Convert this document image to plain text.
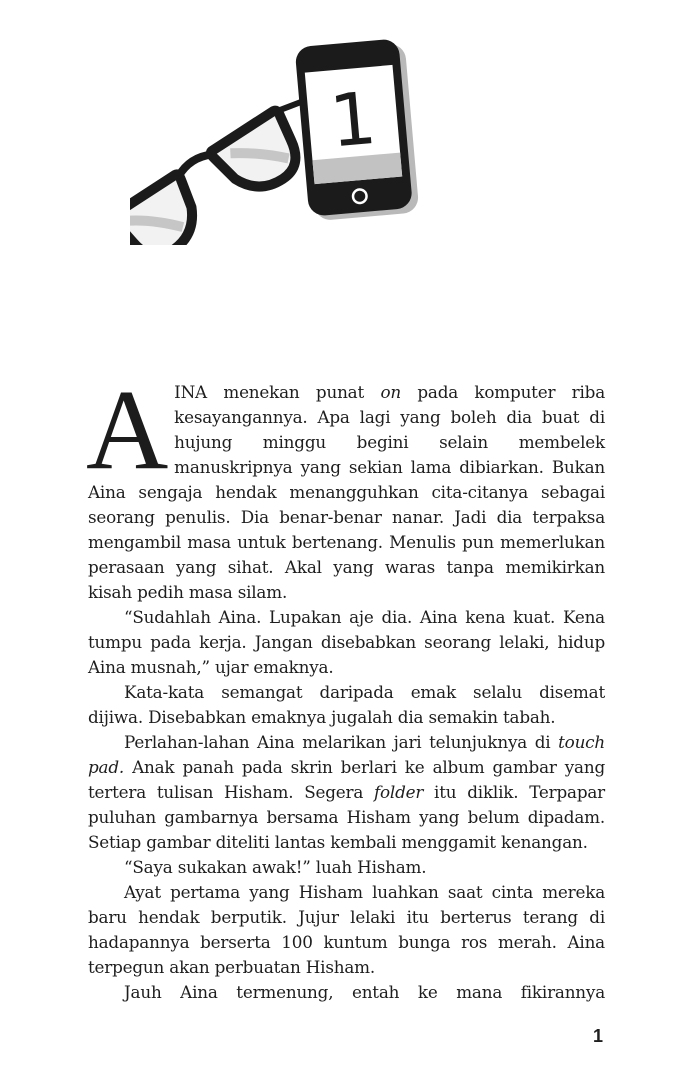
1

AINA menekan punat on pada komputer riba kesayangannya. Apa lagi yang boleh dia buat di hujung minggu begini selain membelek manuskripnya yang sekian lama dibiarkan. Bukan Aina sengaja hendak menangguhkan cita-citanya sebagai seorang penulis. Dia benar-benar nanar. Jadi dia terpaksa mengambil masa untuk bertenang. Menulis pun memerlukan perasaan yang sihat. Akal yang waras tanpa memikirkan kisah pedih masa silam.

“Sudahlah Aina. Lupakan aje dia. Aina kena kuat. Kena tumpu pada kerja. Jangan disebabkan seorang lelaki, hidup Aina musnah,” ujar emaknya.

Kata-kata semangat daripada emak selalu disemat dijiwa. Disebabkan emaknya jugalah dia semakin tabah.

Perlahan-lahan Aina melarikan jari telunjuknya di touch pad. Anak panah pada skrin berlari ke album gambar yang tertera tulisan Hisham. Segera folder itu diklik. Terpapar puluhan gambarnya bersama Hisham yang belum dipadam. Setiap gambar diteliti lantas kembali menggamit kenangan.

“Saya sukakan awak!” luah Hisham.

Ayat pertama yang Hisham luahkan saat cinta mereka baru hendak berputik. Jujur lelaki itu berterus terang di hadapannya berserta 100 kuntum bunga ros merah. Aina terpegun akan perbuatan Hisham.

Jauh Aina termenung, entah ke mana fikirannya

1
